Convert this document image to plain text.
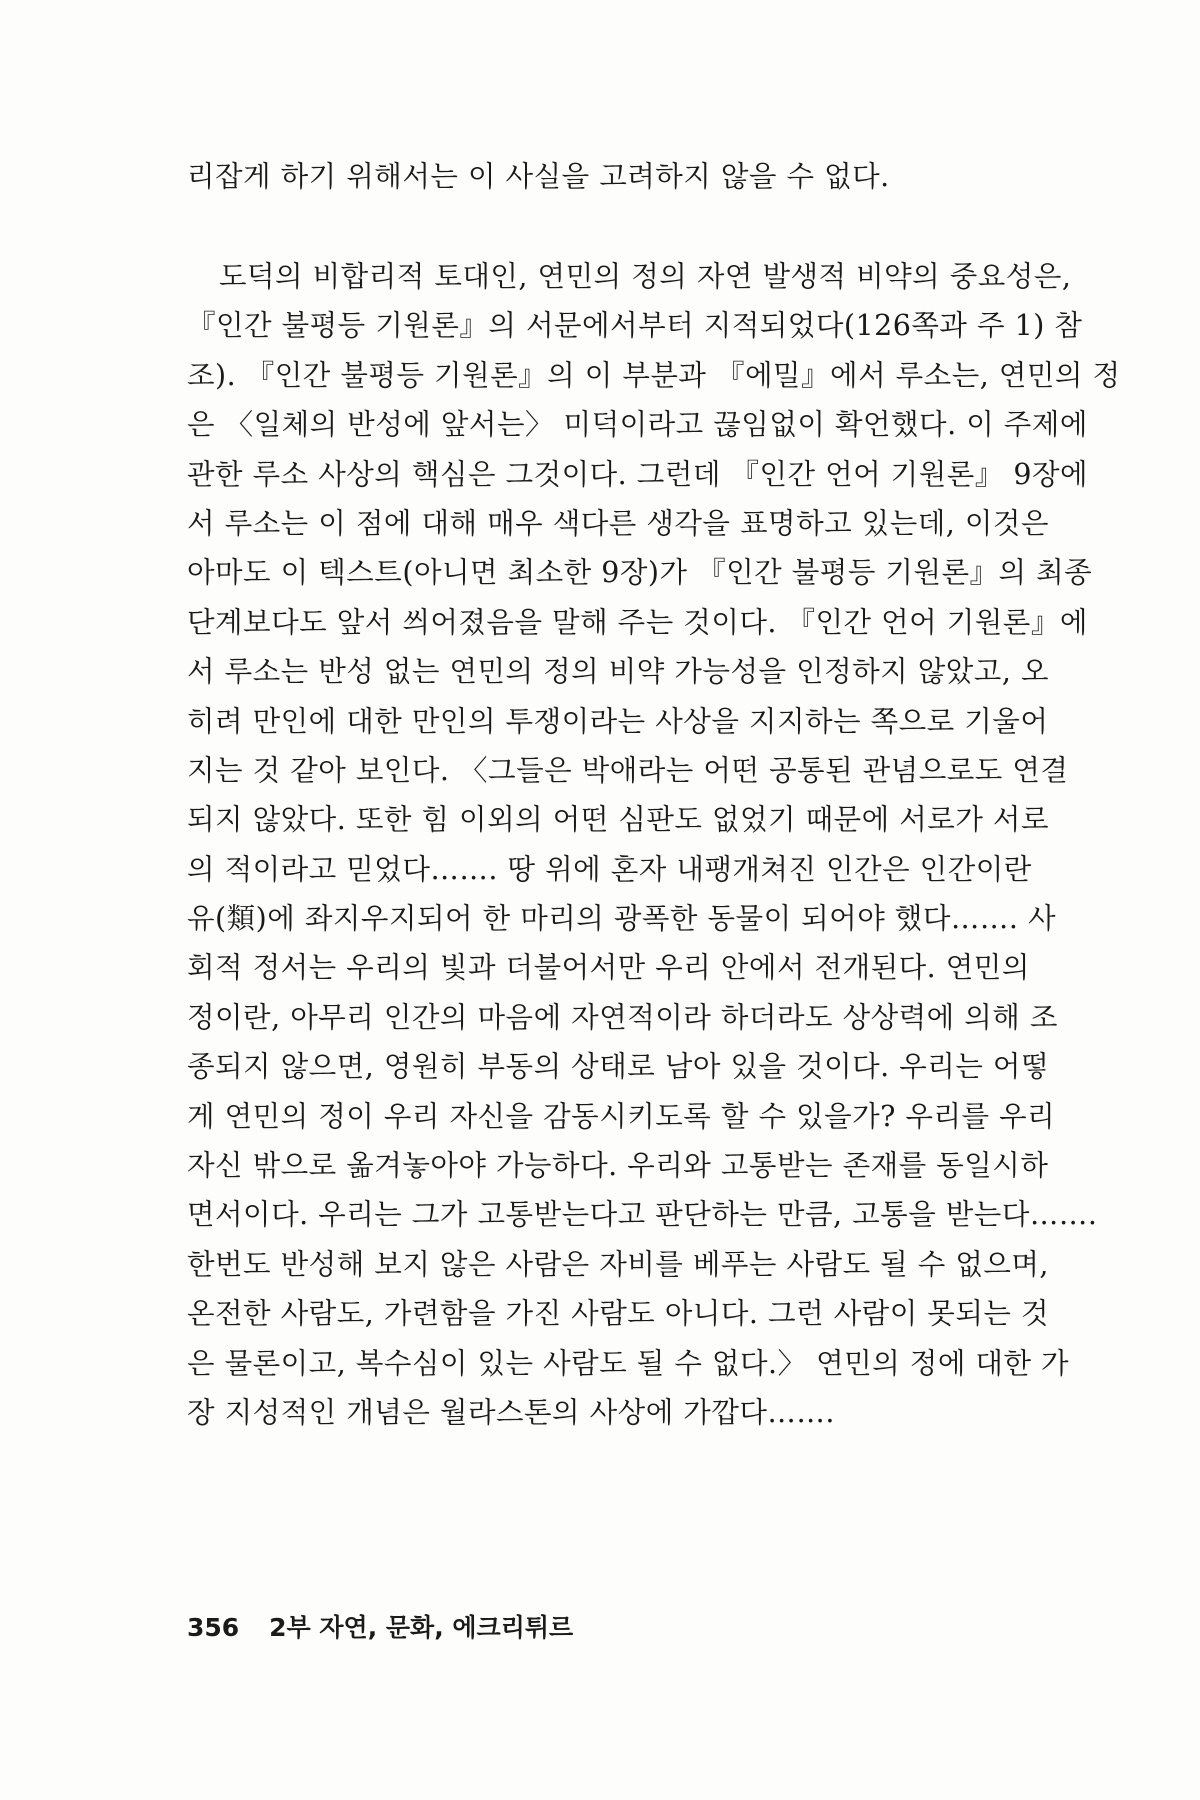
리잡게 하기 위해서는 이 사실을 고려하지 않을 수 없다.
도덕의 비합리적 토대인, 연민의 정의 자연 발생적 비약의 중요성은,
『인간 불평등 기원론』의 서문에서부터 지적되었다(126쪽과 주 1) 참
조). 『인간 불평등 기원론』의 이 부분과 『에밀』에서 루소는, 연민의 정
은 〈일체의 반성에 앞서는〉 미덕이라고 끊임없이 확언했다. 이 주제에
관한 루소 사상의 핵심은 그것이다. 그런데 『인간 언어 기원론』 9장에
서 루소는 이 점에 대해 매우 색다른 생각을 표명하고 있는데, 이것은
아마도 이 텍스트(아니면 최소한 9장)가 『인간 불평등 기원론』의 최종
단계보다도 앞서 씌어졌음을 말해 주는 것이다. 『인간 언어 기원론』에
서 루소는 반성 없는 연민의 정의 비약 가능성을 인정하지 않았고, 오
히려 만인에 대한 만인의 투쟁이라는 사상을 지지하는 쪽으로 기울어
지는 것 같아 보인다. 〈그들은 박애라는 어떤 공통된 관념으로도 연결
되지 않았다. 또한 힘 이외의 어떤 심판도 없었기 때문에 서로가 서로
의 적이라고 믿었다……. 땅 위에 혼자 내팽개쳐진 인간은 인간이란
유(類)에 좌지우지되어 한 마리의 광폭한 동물이 되어야 했다……. 사
회적 정서는 우리의 빛과 더불어서만 우리 안에서 전개된다. 연민의
정이란, 아무리 인간의 마음에 자연적이라 하더라도 상상력에 의해 조
종되지 않으면, 영원히 부동의 상태로 남아 있을 것이다. 우리는 어떻
게 연민의 정이 우리 자신을 감동시키도록 할 수 있을가? 우리를 우리
자신 밖으로 옮겨놓아야 가능하다. 우리와 고통받는 존재를 동일시하
면서이다. 우리는 그가 고통받는다고 판단하는 만큼, 고통을 받는다…….
한번도 반성해 보지 않은 사람은 자비를 베푸는 사람도 될 수 없으며,
온전한 사람도, 가련함을 가진 사람도 아니다. 그런 사람이 못되는 것
은 물론이고, 복수심이 있는 사람도 될 수 없다.〉 연민의 정에 대한 가
장 지성적인 개념은 월라스톤의 사상에 가깝다…….
356 2부 자연, 문화, 에크리튀르
